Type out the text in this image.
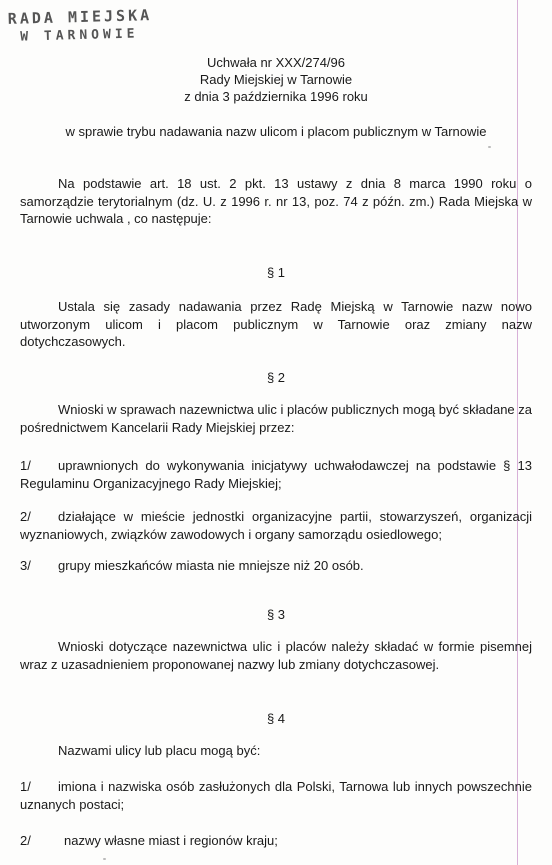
RADA MIEJSKA
W TARNOWIE
Uchwała nr XXX/274/96
Rady Miejskiej w Tarnowie
z dnia 3 października 1996 roku
w sprawie trybu nadawania nazw ulicom i placom publicznym w Tarnowie
Na podstawie art. 18 ust. 2 pkt. 13 ustawy z dnia 8 marca 1990 roku o samorządzie terytorialnym (dz. U. z 1996 r. nr 13, poz. 74 z późn. zm.) Rada Miejska w Tarnowie uchwala , co następuje:
§ 1
Ustala się zasady nadawania przez Radę Miejską w Tarnowie nazw nowo utworzonym ulicom i placom publicznym w Tarnowie oraz zmiany nazw dotychczasowych.
§ 2
Wnioski w sprawach nazewnictwa ulic i placów publicznych mogą być składane za pośrednictwem Kancelarii Rady Miejskiej przez:
1/	uprawnionych do wykonywania inicjatywy uchwałodawczej na podstawie § 13 Regulaminu Organizacyjnego Rady Miejskiej;
2/	działające w mieście jednostki organizacyjne partii, stowarzyszeń, organizacji wyznaniowych, związków zawodowych i organy samorządu osiedlowego;
3/	grupy mieszkańców miasta nie mniejsze niż 20 osób.
§ 3
Wnioski dotyczące nazewnictwa ulic i placów należy składać w formie pisemnej wraz z uzasadnieniem proponowanej nazwy lub zmiany dotychczasowej.
§ 4
Nazwami ulicy lub placu mogą być:
1/	imiona i nazwiska osób zasłużonych dla Polski, Tarnowa lub innych powszechnie uznanych postaci;
2/	nazwy własne miast i regionów kraju;
